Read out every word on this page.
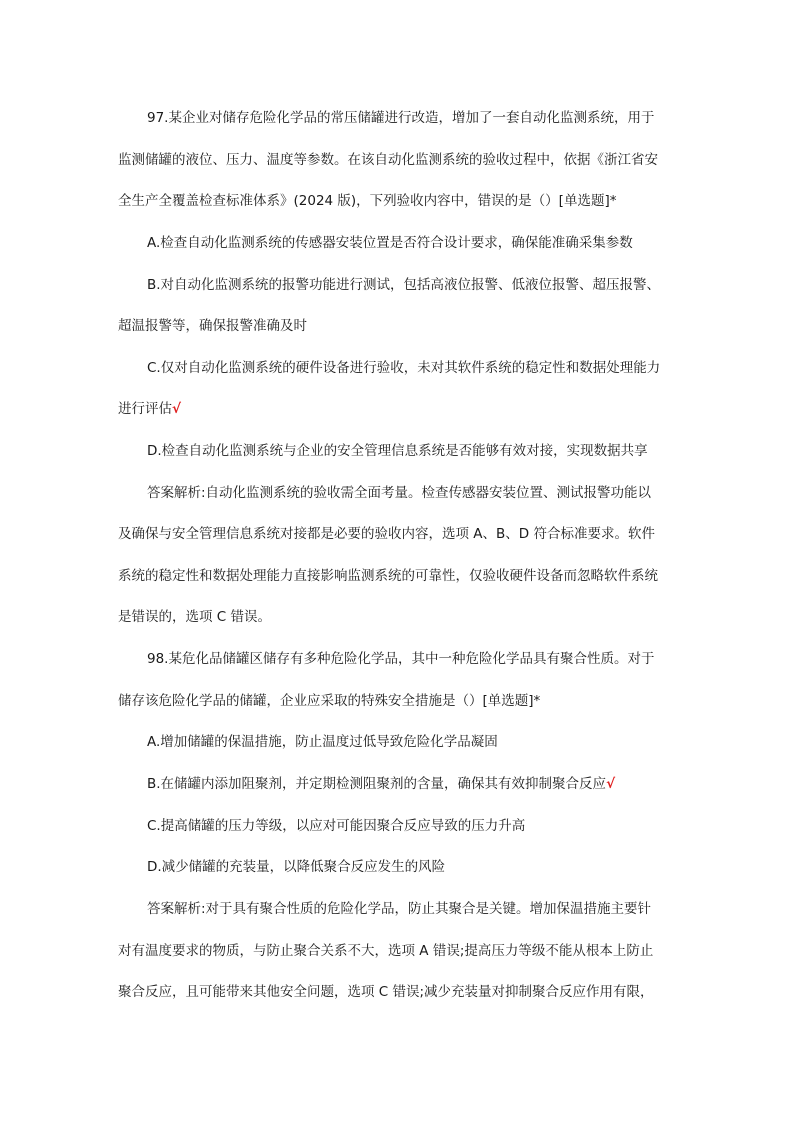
97.某企业对储存危险化学品的常压储罐进行改造，增加了一套自动化监测系统，用于
监测储罐的液位、压力、温度等参数。在该自动化监测系统的验收过程中，依据《浙江省安
全生产全覆盖检查标准体系》(2024 版)，下列验收内容中，错误的是（）[单选题]*
A.检查自动化监测系统的传感器安装位置是否符合设计要求，确保能准确采集参数
B.对自动化监测系统的报警功能进行测试，包括高液位报警、低液位报警、超压报警、
超温报警等，确保报警准确及时
C.仅对自动化监测系统的硬件设备进行验收，未对其软件系统的稳定性和数据处理能力
进行评估√
D.检查自动化监测系统与企业的安全管理信息系统是否能够有效对接，实现数据共享
答案解析:自动化监测系统的验收需全面考量。检查传感器安装位置、测试报警功能以
及确保与安全管理信息系统对接都是必要的验收内容，选项 A、B、D 符合标准要求。软件
系统的稳定性和数据处理能力直接影响监测系统的可靠性，仅验收硬件设备而忽略软件系统
是错误的，选项 C 错误。
98.某危化品储罐区储存有多种危险化学品，其中一种危险化学品具有聚合性质。对于
储存该危险化学品的储罐，企业应采取的特殊安全措施是（）[单选题]*
A.增加储罐的保温措施，防止温度过低导致危险化学品凝固
B.在储罐内添加阻聚剂，并定期检测阻聚剂的含量，确保其有效抑制聚合反应√
C.提高储罐的压力等级，以应对可能因聚合反应导致的压力升高
D.减少储罐的充装量，以降低聚合反应发生的风险
答案解析:对于具有聚合性质的危险化学品，防止其聚合是关键。增加保温措施主要针
对有温度要求的物质，与防止聚合关系不大，选项 A 错误;提高压力等级不能从根本上防止
聚合反应，且可能带来其他安全问题，选项 C 错误;减少充装量对抑制聚合反应作用有限，
